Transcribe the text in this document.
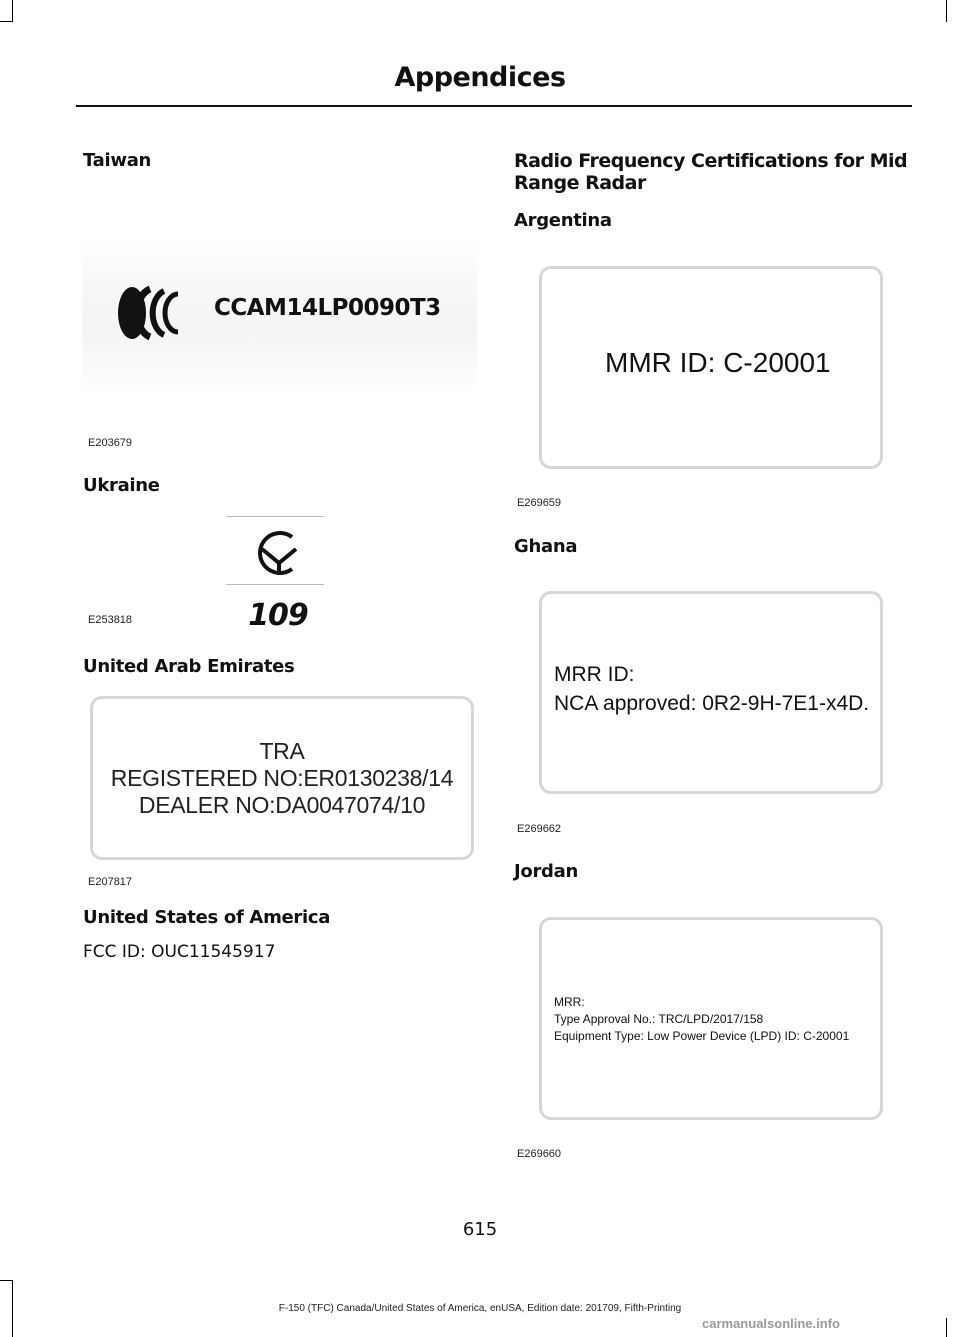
Appendices
Taiwan
CCAM14LP0090T3
E203679
Ukraine
109
E253818
United Arab Emirates
TRA
REGISTERED NO:ER0130238/14
DEALER NO:DA0047074/10
E207817
United States of America
FCC ID: OUC11545917
Radio Frequency Certifications for Mid Range Radar
Argentina
MMR ID: C-20001
E269659
Ghana
MRR ID:
NCA approved: 0R2-9H-7E1-x4D.
E269662
Jordan
MRR:
Type Approval No.: TRC/LPD/2017/158
Equipment Type: Low Power Device (LPD) ID: C-20001
E269660
615
F-150 (TFC) Canada/United States of America, enUSA, Edition date: 201709, Fifth-Printing
carmanualsonline.info
